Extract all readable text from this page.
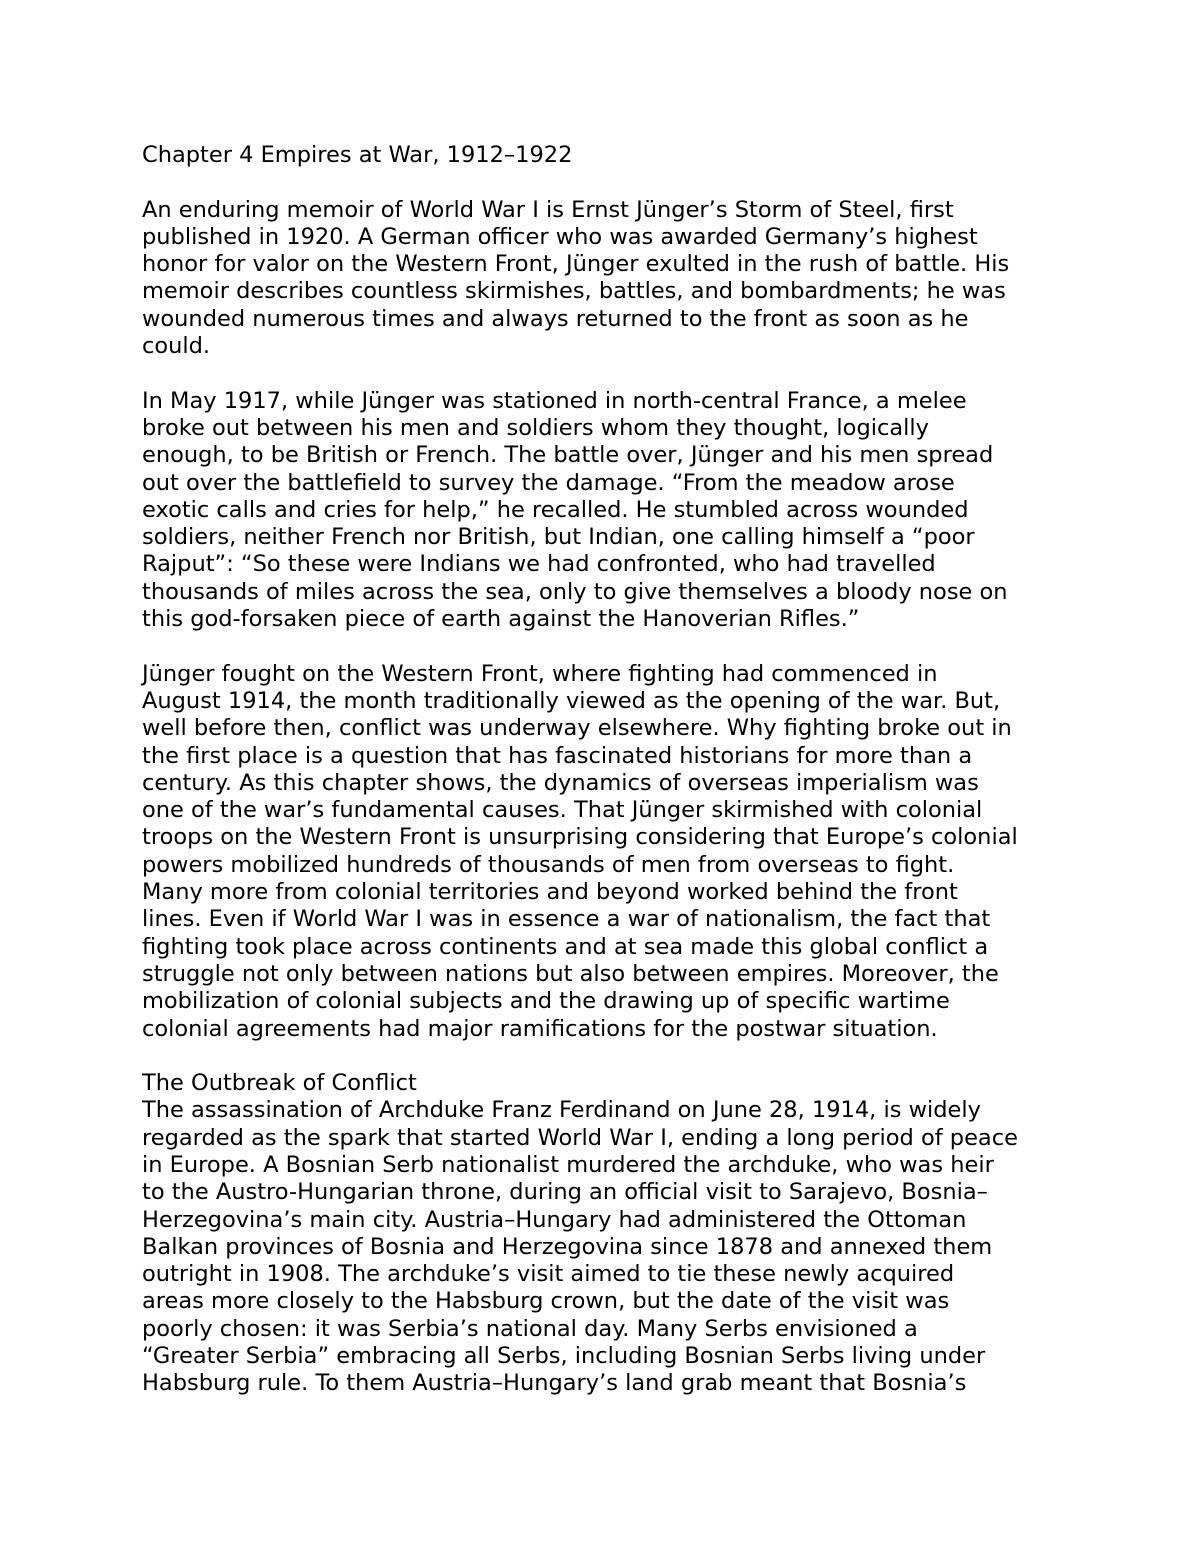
Chapter 4 Empires at War, 1912–1922
An enduring memoir of World War I is Ernst Jünger’s Storm of Steel, first
published in 1920. A German officer who was awarded Germany’s highest
honor for valor on the Western Front, Jünger exulted in the rush of battle. His
memoir describes countless skirmishes, battles, and bombardments; he was
wounded numerous times and always returned to the front as soon as he
could.
In May 1917, while Jünger was stationed in north-central France, a melee
broke out between his men and soldiers whom they thought, logically
enough, to be British or French. The battle over, Jünger and his men spread
out over the battlefield to survey the damage. “From the meadow arose
exotic calls and cries for help,” he recalled. He stumbled across wounded
soldiers, neither French nor British, but Indian, one calling himself a “poor
Rajput”: “So these were Indians we had confronted, who had travelled
thousands of miles across the sea, only to give themselves a bloody nose on
this god-forsaken piece of earth against the Hanoverian Rifles.”
Jünger fought on the Western Front, where fighting had commenced in
August 1914, the month traditionally viewed as the opening of the war. But,
well before then, conflict was underway elsewhere. Why fighting broke out in
the first place is a question that has fascinated historians for more than a
century. As this chapter shows, the dynamics of overseas imperialism was
one of the war’s fundamental causes. That Jünger skirmished with colonial
troops on the Western Front is unsurprising considering that Europe’s colonial
powers mobilized hundreds of thousands of men from overseas to fight.
Many more from colonial territories and beyond worked behind the front
lines. Even if World War I was in essence a war of nationalism, the fact that
fighting took place across continents and at sea made this global conflict a
struggle not only between nations but also between empires. Moreover, the
mobilization of colonial subjects and the drawing up of specific wartime
colonial agreements had major ramifications for the postwar situation.
The Outbreak of Conflict
The assassination of Archduke Franz Ferdinand on June 28, 1914, is widely
regarded as the spark that started World War I, ending a long period of peace
in Europe. A Bosnian Serb nationalist murdered the archduke, who was heir
to the Austro-Hungarian throne, during an official visit to Sarajevo, Bosnia–
Herzegovina’s main city. Austria–Hungary had administered the Ottoman
Balkan provinces of Bosnia and Herzegovina since 1878 and annexed them
outright in 1908. The archduke’s visit aimed to tie these newly acquired
areas more closely to the Habsburg crown, but the date of the visit was
poorly chosen: it was Serbia’s national day. Many Serbs envisioned a
“Greater Serbia” embracing all Serbs, including Bosnian Serbs living under
Habsburg rule. To them Austria–Hungary’s land grab meant that Bosnia’s
